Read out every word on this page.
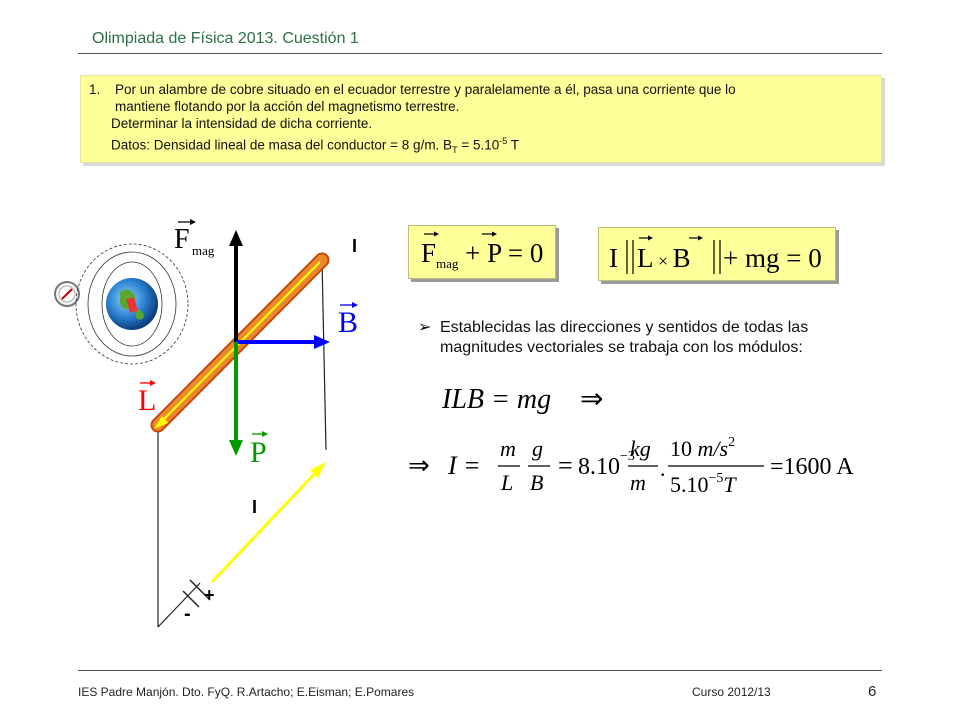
Olimpiada de Física 2013. Cuestión 1
1. Por un alambre de cobre situado en el ecuador terrestre y paralelamente a él, pasa una corriente que lo
mantiene flotando por la acción del magnetismo terrestre.
Determinar la intensidad de dicha corriente.
Datos: Densidad lineal de masa del conductor = 8 g/m. $B_T = 5.10^{-5}$ T
F mag
B
L
P
I
I
+
-
$F_{mag} + P = 0$ I L × B + mg = 0
➢ Establecidas las direcciones y sentidos de todas las
magnitudes vectoriales se trabaja con los módulos:
ILB = mg ⇒
⇒ I =
m
L
g
B
= 8.10 −3
kg
m
.
10 $m/s^2$
$5.10^{-5}T$
=1600 A
IES Padre Manjón. Dto. FyQ. R.Artacho; E.Eisman; E.Pomares	Curso 2012/13	6
